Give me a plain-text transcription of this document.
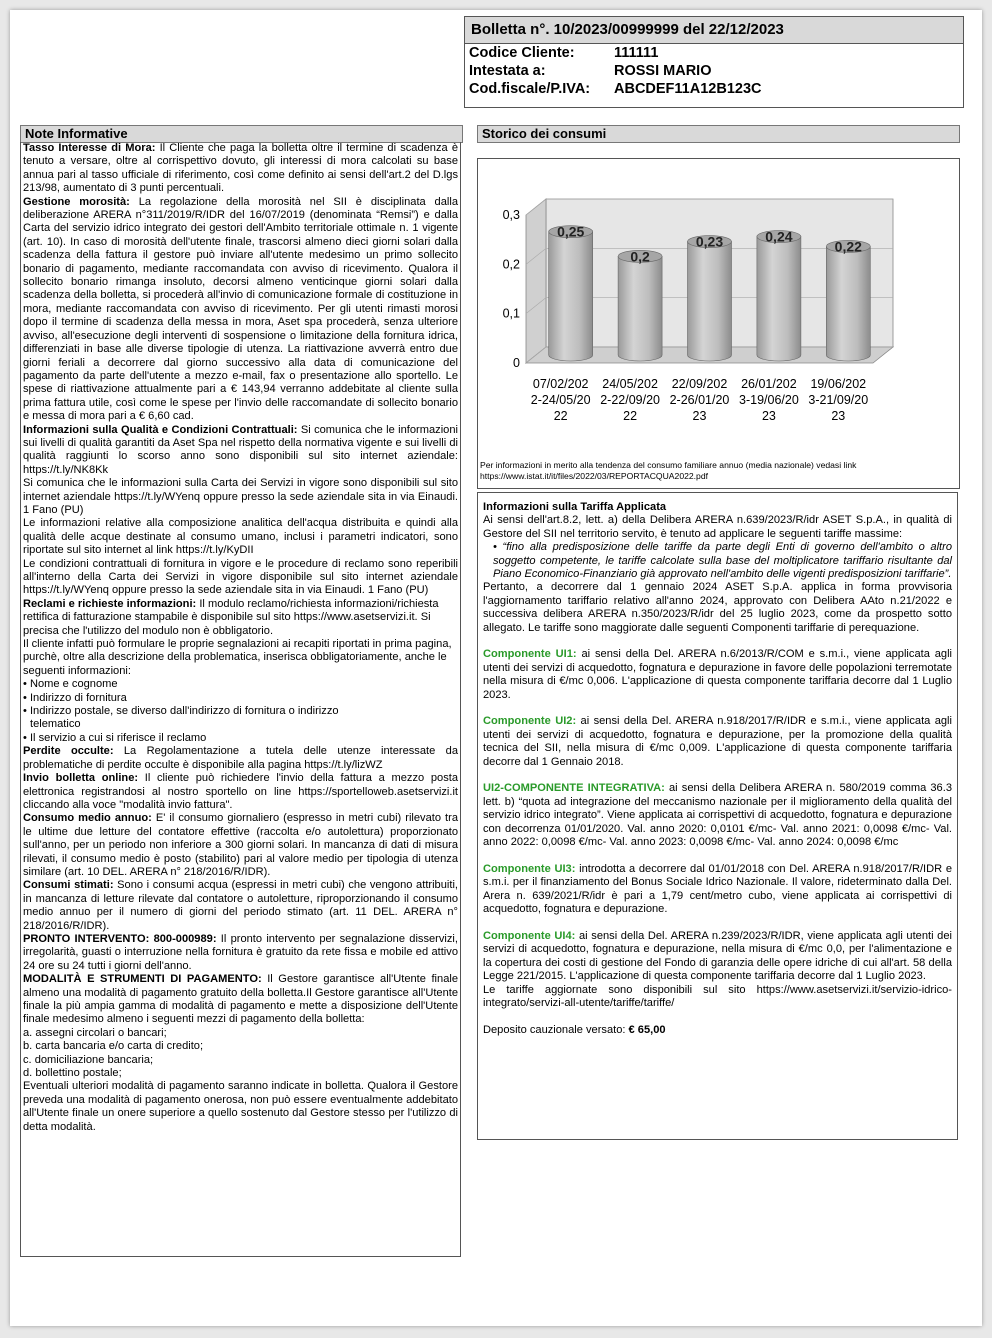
Bolletta n°. 10/2023/00999999 del 22/12/2023
Codice Cliente:	111111
Intestata a:	ROSSI MARIO
Cod.fiscale/P.IVA:	ABCDEF11A12B123C
Note Informative

Tasso Interesse di Mora: Il Cliente che paga la bolletta oltre il termine di scadenza è tenuto a versare, oltre al corrispettivo dovuto, gli interessi di mora calcolati su base annua pari al tasso ufficiale di riferimento, così come definito ai sensi dell'art.2 del D.lgs 213/98, aumentato di 3 punti percentuali.

Gestione morosità: La regolazione della morosità nel SII è disciplinata dalla deliberazione ARERA n°311/2019/R/IDR del 16/07/2019 (denominata “Remsi”) e dalla Carta del servizio idrico integrato dei gestori dell'Ambito territoriale ottimale n. 1 vigente (art. 10). In caso di morosità dell'utente finale, trascorsi almeno dieci giorni solari dalla scadenza della fattura il gestore può inviare all'utente medesimo un primo sollecito bonario di pagamento, mediante raccomandata con avviso di ricevimento. Qualora il sollecito bonario rimanga insoluto, decorsi almeno venticinque giorni solari dalla scadenza della bolletta, si procederà all'invio di comunicazione formale di costituzione in mora, mediante raccomandata con avviso di ricevimento. Per gli utenti rimasti morosi dopo il termine di scadenza della messa in mora, Aset spa procederà, senza ulteriore avviso, all'esecuzione degli interventi di sospensione o limitazione della fornitura idrica, differenziati in base alle diverse tipologie di utenza. La riattivazione avverrà entro due giorni feriali a decorrere dal giorno successivo alla data di comunicazione del pagamento da parte dell'utente a mezzo e-mail, fax o presentazione allo sportello. Le spese di riattivazione attualmente pari a € 143,94 verranno addebitate al cliente sulla prima fattura utile, così come le spese per l'invio delle raccomandate di sollecito bonario e messa di mora pari a € 6,60 cad.

Informazioni sulla Qualità e Condizioni Contrattuali: Si comunica che le informazioni sui livelli di qualità garantiti da Aset Spa nel rispetto della normativa vigente e sui livelli di qualità raggiunti lo scorso anno sono disponibili sul sito internet aziendale: https://t.ly/NK8Kk

Si comunica che le informazioni sulla Carta dei Servizi in vigore sono disponibili sul sito internet aziendale https://t.ly/WYenq oppure presso la sede aziendale sita in via Einaudi. 1 Fano (PU)

Le informazioni relative alla composizione analitica dell'acqua distribuita e quindi alla qualità delle acque destinate al consumo umano, inclusi i parametri indicatori, sono riportate sul sito internet al link https://t.ly/KyDII

Le condizioni contrattuali di fornitura in vigore e le procedure di reclamo sono reperibili all'interno della Carta dei Servizi in vigore disponibile sul sito internet aziendale https://t.ly/WYenq oppure presso la sede aziendale sita in via Einaudi. 1 Fano (PU)

Reclami e richieste informazioni: Il modulo reclamo/richiesta informazioni/richiesta rettifica di fatturazione stampabile è disponibile sul sito https://www.asetservizi.it. Si precisa che l'utilizzo del modulo non è obbligatorio.

Il cliente infatti può formulare le proprie segnalazioni ai recapiti riportati in prima pagina, purchè, oltre alla descrizione della problematica, inserisca obbligatoriamente, anche le seguenti informazioni:

• Nome e cognome

• Indirizzo di fornitura

• Indirizzo postale, se diverso dall'indirizzo di fornitura o indirizzo

telematico

• Il servizio a cui si riferisce il reclamo

Perdite occulte: La Regolamentazione a tutela delle utenze interessate da problematiche di perdite occulte è disponibile alla pagina https://t.ly/lizWZ

Invio bolletta online: Il cliente può richiedere l'invio della fattura a mezzo posta elettronica registrandosi al nostro sportello on line https://sportelloweb.asetservizi.it cliccando alla voce "modalità invio fattura".

Consumo medio annuo: E' il consumo giornaliero (espresso in metri cubi) rilevato tra le ultime due letture del contatore effettive (raccolta e/o autolettura) proporzionato sull'anno, per un periodo non inferiore a 300 giorni solari. In mancanza di dati di misura rilevati, il consumo medio è posto (stabilito) pari al valore medio per tipologia di utenza similare (art. 10 DEL. ARERA n° 218/2016/R/IDR).

Consumi stimati: Sono i consumi acqua (espressi in metri cubi) che vengono attribuiti, in mancanza di letture rilevate dal contatore o autoletture, riproporzionando il consumo medio annuo per il numero di giorni del periodo stimato (art. 11 DEL. ARERA n° 218/2016/R/IDR).

PRONTO INTERVENTO: 800-000989: Il pronto intervento per segnalazione disservizi, irregolarità, guasti o interruzione nella fornitura è gratuito da rete fissa e mobile ed attivo 24 ore su 24 tutti i giorni dell'anno.

MODALITÀ E STRUMENTI DI PAGAMENTO: Il Gestore garantisce all'Utente finale almeno una modalità di pagamento gratuito della bolletta.Il Gestore garantisce all'Utente finale la più ampia gamma di modalità di pagamento e mette a disposizione dell'Utente finale medesimo almeno i seguenti mezzi di pagamento della bolletta:

a. assegni circolari o bancari;

b. carta bancaria e/o carta di credito;

c. domiciliazione bancaria;

d. bollettino postale;

Eventuali ulteriori modalità di pagamento saranno indicate in bolletta. Qualora il Gestore preveda una modalità di pagamento onerosa, non può essere eventualmente addebitato all'Utente finale un onere superiore a quello sostenuto dal Gestore stesso per l'utilizzo di detta modalità.

Storico dei consumi
0
0,1
0,2
0,3
0,25
07/02/202
2-24/05/20
22
0,2
24/05/202
2-22/09/20
22
0,23
22/09/202
2-26/01/20
23
0,24
26/01/202
3-19/06/20
23
0,22
19/06/202
3-21/09/20
23
Per informazioni in merito alla tendenza del consumo familiare annuo (media nazionale) vedasi link https://www.istat.it/it/files/2022/03/REPORTACQUA2022.pdf

Informazioni sulla Tariffa Applicata

Ai sensi dell'art.8.2, lett. a) della Delibera ARERA n.639/2023/R/idr ASET S.p.A., in qualità di Gestore del SII nel territorio servito, è tenuto ad applicare le seguenti tariffe massime:

• “fino alla predisposizione delle tariffe da parte degli Enti di governo dell'ambito o altro soggetto competente, le tariffe calcolate sulla base del moltiplicatore tariffario risultante dal Piano Economico-Finanziario già approvato nell'ambito delle vigenti predisposizioni tariffarie”.

Pertanto, a decorrere dal 1 gennaio 2024 ASET S.p.A. applica in forma provvisoria l'aggiornamento tariffario relativo all'anno 2024, approvato con Delibera AAto n.21/2022 e successiva delibera ARERA n.350/2023/R/idr del 25 luglio 2023, come da prospetto sotto allegato. Le tariffe sono maggiorate dalle seguenti Componenti tariffarie di perequazione.

Componente UI1: ai sensi della Del. ARERA n.6/2013/R/COM e s.m.i., viene applicata agli utenti dei servizi di acquedotto, fognatura e depurazione in favore delle popolazioni terremotate nella misura di €/mc 0,006. L'applicazione di questa componente tariffaria decorre dal 1 Luglio 2023.

Componente UI2: ai sensi della Del. ARERA n.918/2017/R/IDR e s.m.i., viene applicata agli utenti dei servizi di acquedotto, fognatura e depurazione, per la promozione della qualità tecnica del SII, nella misura di €/mc 0,009. L'applicazione di questa componente tariffaria decorre dal 1 Gennaio 2018.

UI2-COMPONENTE INTEGRATIVA: ai sensi della Delibera ARERA n. 580/2019 comma 36.3 lett. b) “quota ad integrazione del meccanismo nazionale per il miglioramento della qualità del servizio idrico integrato”. Viene applicata ai corrispettivi di acquedotto, fognatura e depurazione con decorrenza 01/01/2020. Val. anno 2020: 0,0101 €/mc- Val. anno 2021: 0,0098 €/mc- Val. anno 2022: 0,0098 €/mc- Val. anno 2023: 0,0098 €/mc- Val. anno 2024: 0,0098 €/mc

Componente UI3: introdotta a decorrere dal 01/01/2018 con Del. ARERA n.918/2017/R/IDR e s.m.i. per il finanziamento del Bonus Sociale Idrico Nazionale. Il valore, rideterminato dalla Del. Arera n. 639/2021/R/idr è pari a 1,79 cent/metro cubo, viene applicata ai corrispettivi di acquedotto, fognatura e depurazione.

Componente UI4: ai sensi della Del. ARERA n.239/2023/R/IDR, viene applicata agli utenti dei servizi di acquedotto, fognatura e depurazione, nella misura di €/mc 0,0, per l'alimentazione e la copertura dei costi di gestione del Fondo di garanzia delle opere idriche di cui all'art. 58 della Legge 221/2015. L'applicazione di questa componente tariffaria decorre dal 1 Luglio 2023.

Le tariffe aggiornate sono disponibili sul sito https://www.asetservizi.it/servizio-idrico-integrato/servizi-all-utente/tariffe/tariffe/

Deposito cauzionale versato: € 65,00
